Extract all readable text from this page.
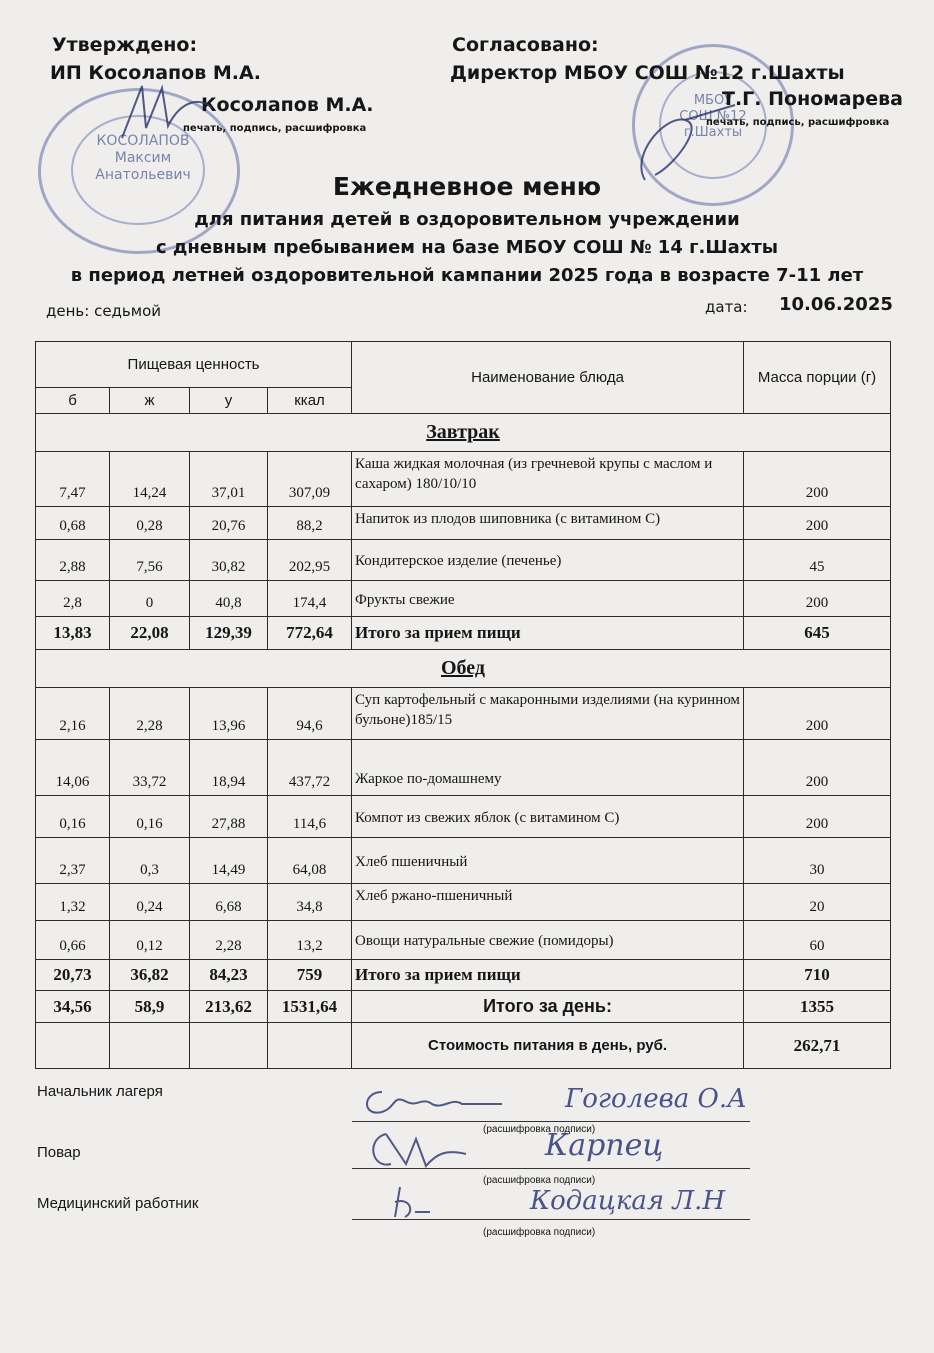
КОСОЛАПОВ
Максим
Анатольевич
МБОУ
СОШ №12
г.Шахты
Утверждено:
ИП Косолапов М.А.
Косолапов М.А.
печать, подпись, расшифровка
Согласовано:
Директор МБОУ СОШ №12 г.Шахты
Т.Г. Пономарева
печать, подпись, расшифровка
Ежедневное меню
для питания детей в оздоровительном учреждении
с дневным пребыванием на базе МБОУ СОШ № 14 г.Шахты
в период летней оздоровительной кампании 2025 года в возрасте 7-11 лет
день: седьмой	дата: 10.06.2025
Пищевая ценность				Наименование блюда	Масса порции (г)
б	ж	у	ккал		
Завтрак					
7,47	14,24	37,01	307,09	Каша жидкая молочная (из гречневой крупы с маслом и сахаром) 180/10/10	200
0,68	0,28	20,76	88,2	Напиток из плодов шиповника (с витамином С)	200
2,88	7,56	30,82	202,95	Кондитерское изделие (печенье)	45
2,8	0	40,8	174,4	Фрукты свежие	200
13,83	22,08	129,39	772,64	Итого за прием пищи	645
Обед					
2,16	2,28	13,96	94,6	Суп картофельный с макаронными изделиями (на куринном бульоне)185/15	200
14,06	33,72	18,94	437,72	Жаркое по-домашнему	200
0,16	0,16	27,88	114,6	Компот из свежих яблок (с витамином С)	200
2,37	0,3	14,49	64,08	Хлеб пшеничный	30
1,32	0,24	6,68	34,8	Хлеб ржано-пшеничный	20
0,66	0,12	2,28	13,2	Овощи натуральные свежие (помидоры)	60
20,73	36,82	84,23	759	Итого за прием пищи	710
34,56	58,9	213,62	1531,64	Итого за день:	1355
				Стоимость питания в день, руб.	262,71
Начальник лагеря	Гоголева О.А
(расшифровка подписи)
Повар	Карпец
(расшифровка подписи)
Медицинский работник	Кодацкая Л.Н
(расшифровка подписи)
